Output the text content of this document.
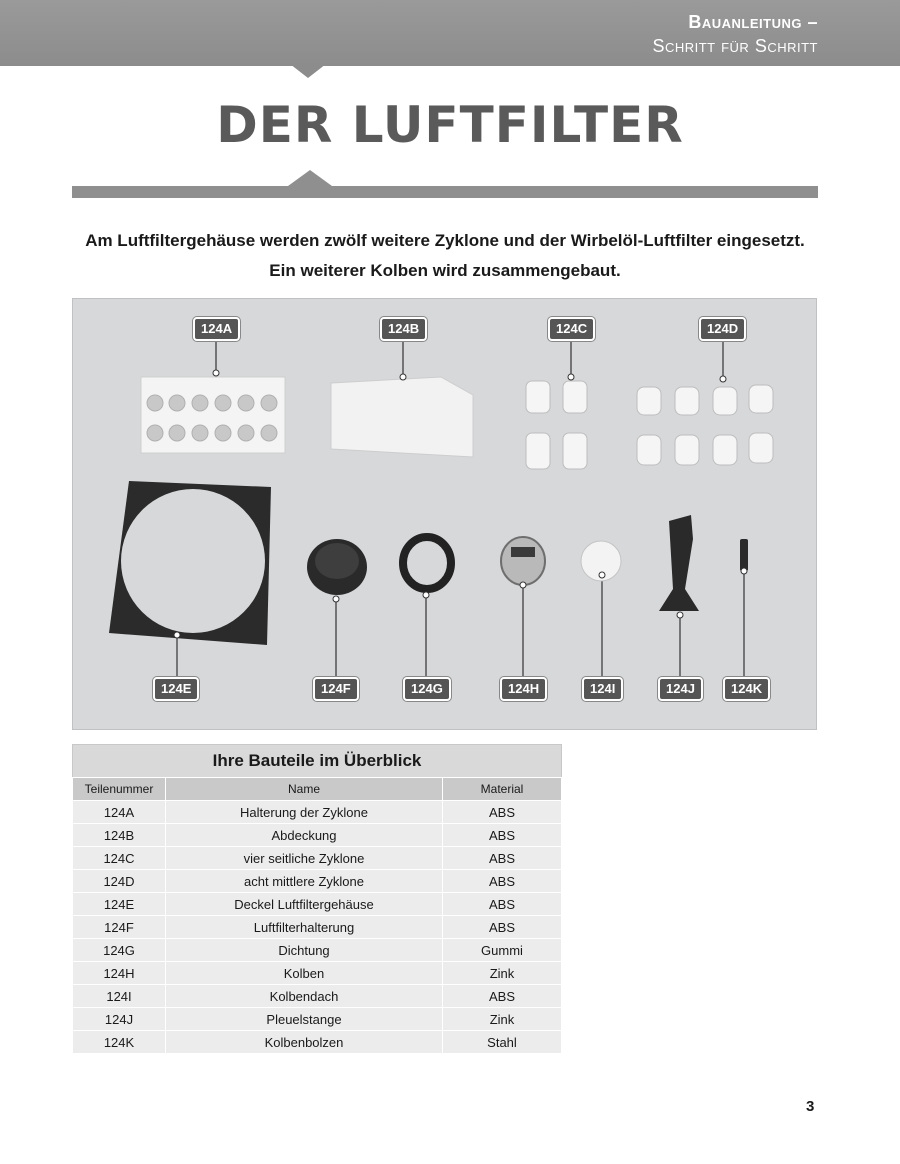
Bauanleitung –
Schritt für Schritt
DER LUFTFILTER
Am Luftfiltergehäuse werden zwölf weitere Zyklone und der Wirbelöl-Luftfilter eingesetzt. Ein weiterer Kolben wird zusammengebaut.
124A	124B	124C	124D
124E	124F	124G	124H	124I	124J	124K
Ihre Bauteile im Überblick
Teilenummer	Name	Material
124A	Halterung der Zyklone	ABS
124B	Abdeckung	ABS
124C	vier seitliche Zyklone	ABS
124D	acht mittlere Zyklone	ABS
124E	Deckel Luftfiltergehäuse	ABS
124F	Luftfilterhalterung	ABS
124G	Dichtung	Gummi
124H	Kolben	Zink
124I	Kolbendach	ABS
124J	Pleuelstange	Zink
124K	Kolbenbolzen	Stahl
3
